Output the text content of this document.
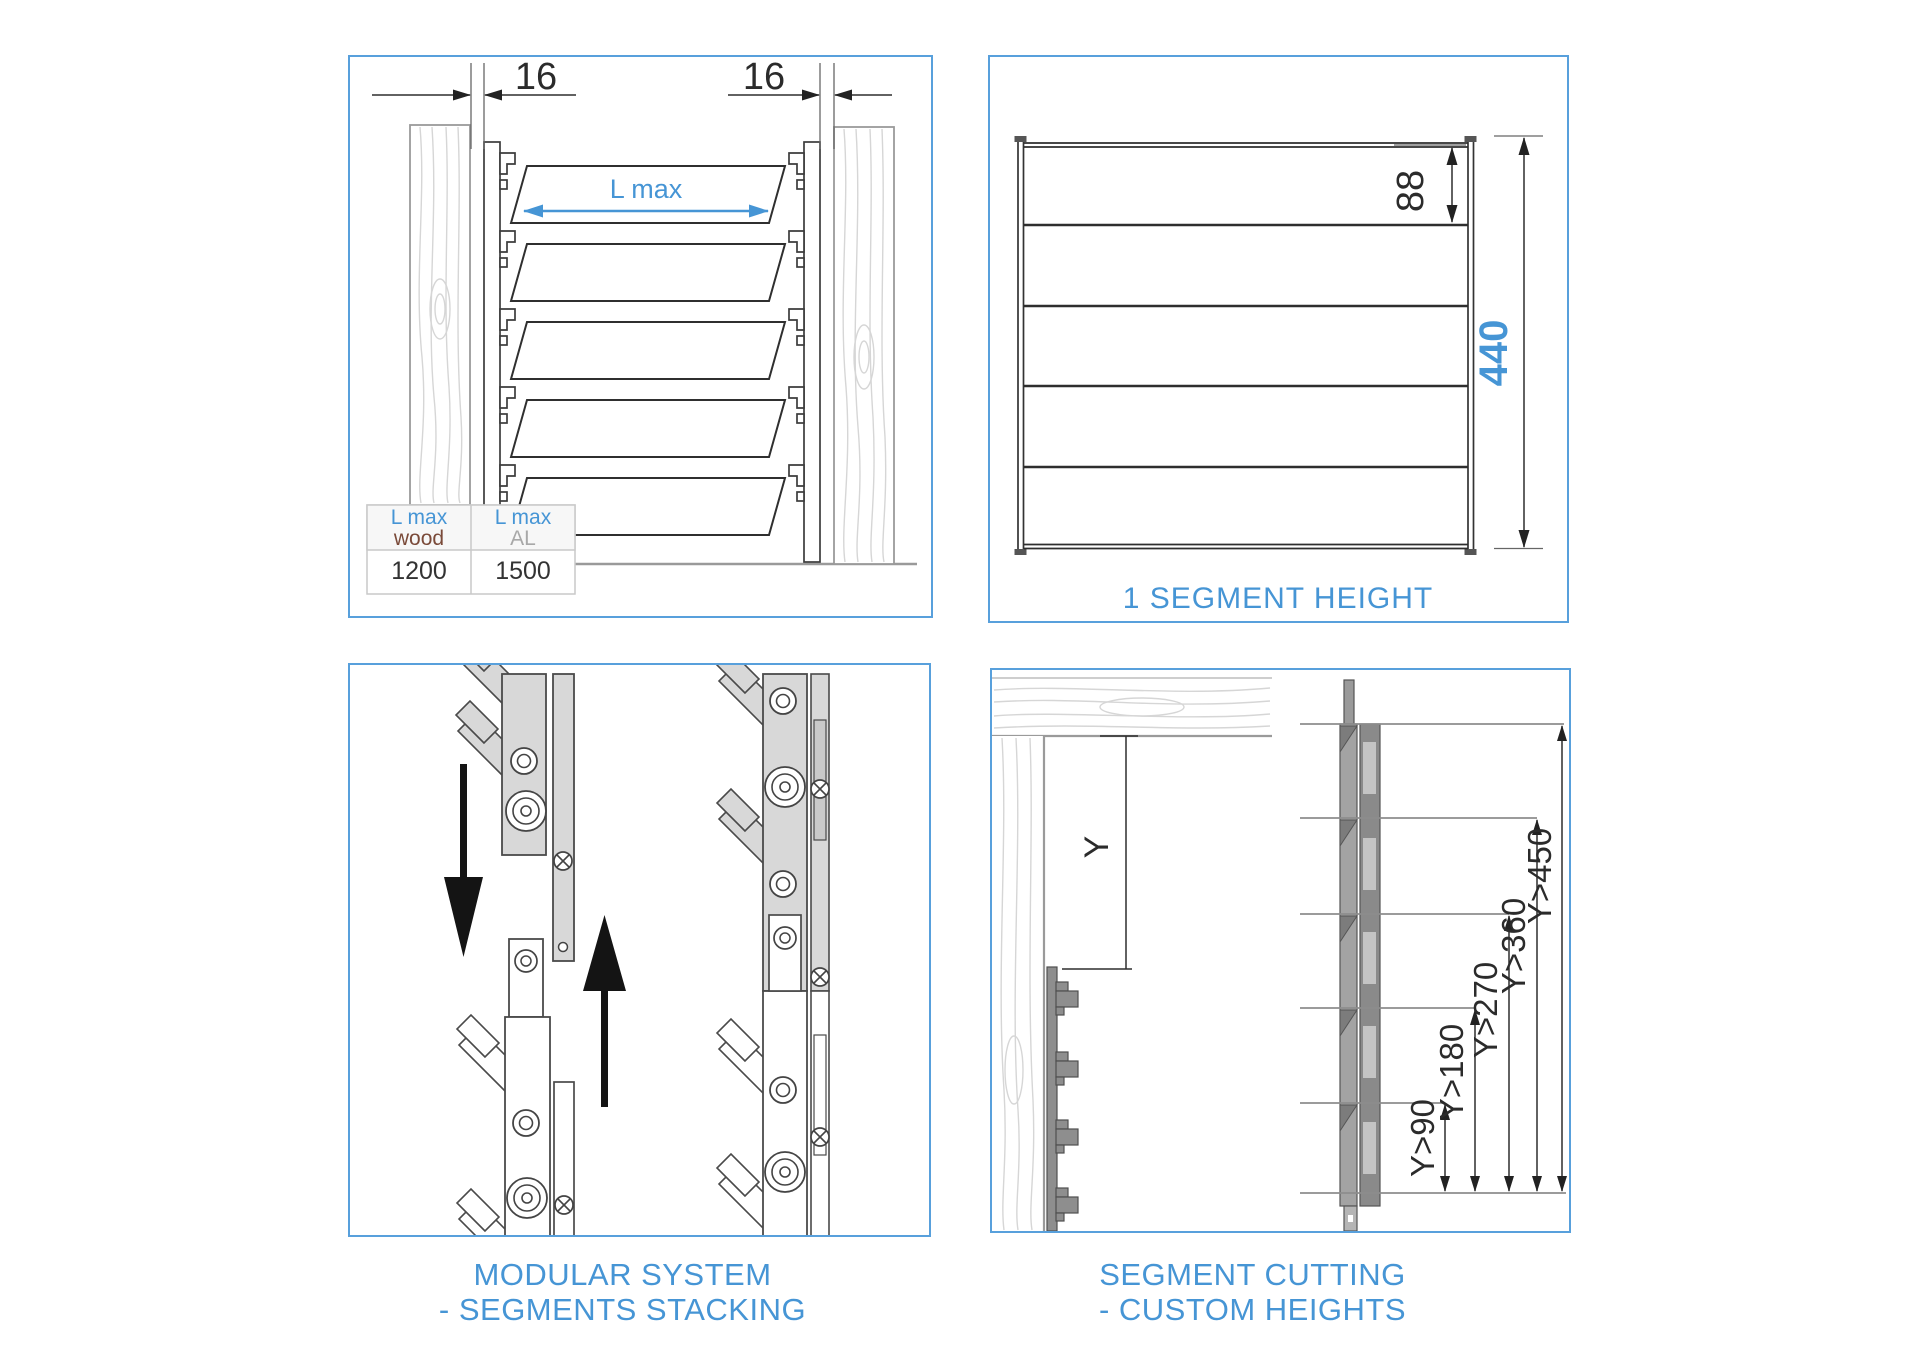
L max
16	16
L max
wood
L max
AL
1200 1500
88
440
1 SEGMENT HEIGHT
Y
Y>90
Y>180
Y>270
Y>360
Y>450
MODULAR SYSTEM
- SEGMENTS STACKING
SEGMENT CUTTING
- CUSTOM HEIGHTS
